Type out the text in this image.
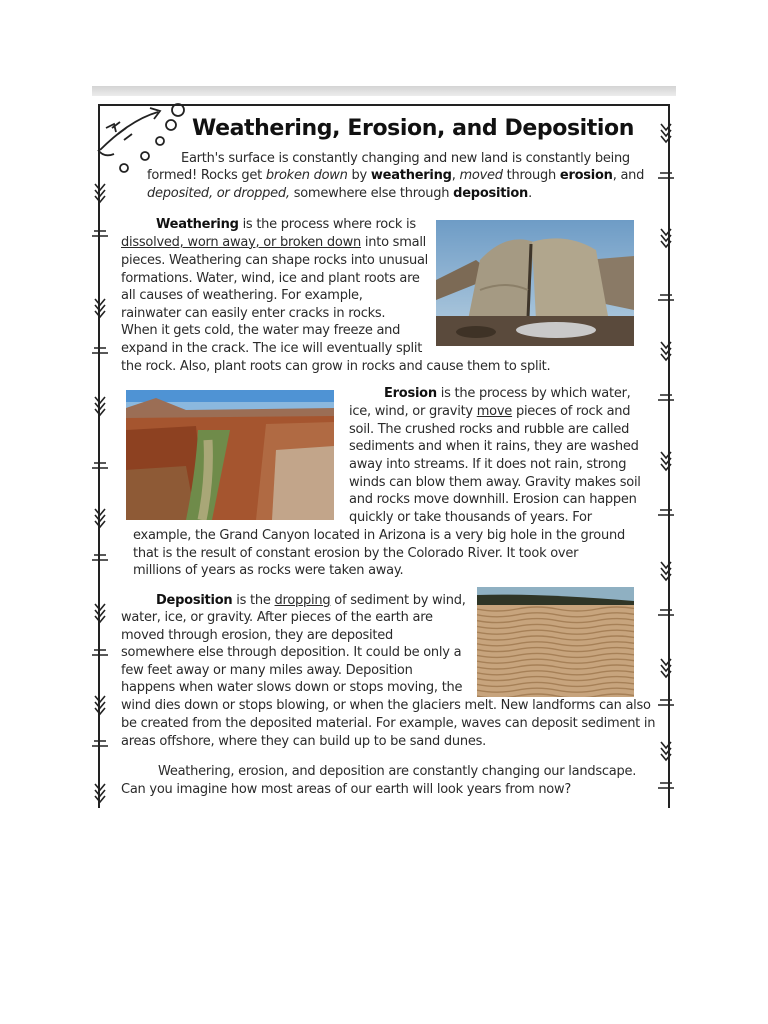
Weathering, Erosion, and Deposition
Earth's surface is constantly changing and new land is constantly being
formed! Rocks get broken down by weathering, moved through erosion, and
deposited, or dropped, somewhere else through deposition.
Weathering is the process where rock is
dissolved, worn away, or broken down into small
pieces. Weathering can shape rocks into unusual
formations. Water, wind, ice and plant roots are
all causes of weathering. For example,
rainwater can easily enter cracks in rocks.
When it gets cold, the water may freeze and
expand in the crack. The ice will eventually split
the rock. Also, plant roots can grow in rocks and cause them to split.
Erosion is the process by which water,
ice, wind, or gravity move pieces of rock and
soil. The crushed rocks and rubble are called
sediments and when it rains, they are washed
away into streams. If it does not rain, strong
winds can blow them away. Gravity makes soil
and rocks move downhill. Erosion can happen
quickly or take thousands of years. For
example, the Grand Canyon located in Arizona is a very big hole in the ground
that is the result of constant erosion by the Colorado River. It took over
millions of years as rocks were taken away.
Deposition is the dropping of sediment by wind,
water, ice, or gravity. After pieces of the earth are
moved through erosion, they are deposited
somewhere else through deposition. It could be only a
few feet away or many miles away. Deposition
happens when water slows down or stops moving, the
wind dies down or stops blowing, or when the glaciers melt. New landforms can also
be created from the deposited material. For example, waves can deposit sediment in
areas offshore, where they can build up to be sand dunes.
Weathering, erosion, and deposition are constantly changing our landscape.
Can you imagine how most areas of our earth will look years from now?
